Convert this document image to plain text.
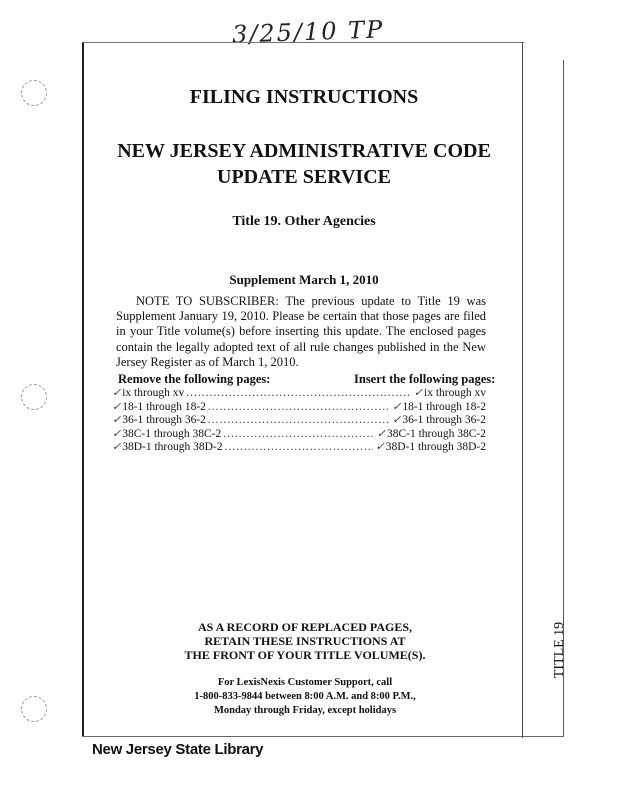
3/25/10 TP
FILING INSTRUCTIONS
NEW JERSEY ADMINISTRATIVE CODE
UPDATE SERVICE
Title 19. Other Agencies
Supplement March 1, 2010
NOTE TO SUBSCRIBER: The previous update to Title 19 was Supplement January 19, 2010. Please be certain that those pages are filed in your Title volume(s) before inserting this update. The enclosed pages contain the legally adopted text of all rule changes published in the New Jersey Register as of March 1, 2010.
Remove the following pages:	Insert the following pages:
✓ ix through xv .....	✓ ix through xv
✓ 18-1 through 18-2 .....	✓ 18-1 through 18-2
✓ 36-1 through 36-2 .....	✓ 36-1 through 36-2
✓ 38C-1 through 38C-2 .....	✓ 38C-1 through 38C-2
✓ 38D-1 through 38D-2 .....	✓ 38D-1 through 38D-2
AS A RECORD OF REPLACED PAGES,
RETAIN THESE INSTRUCTIONS AT
THE FRONT OF YOUR TITLE VOLUME(S).
For LexisNexis Customer Support, call
1-800-833-9844 between 8:00 A.M. and 8:00 P.M.,
Monday through Friday, except holidays
TITLE 19
New Jersey State Library
